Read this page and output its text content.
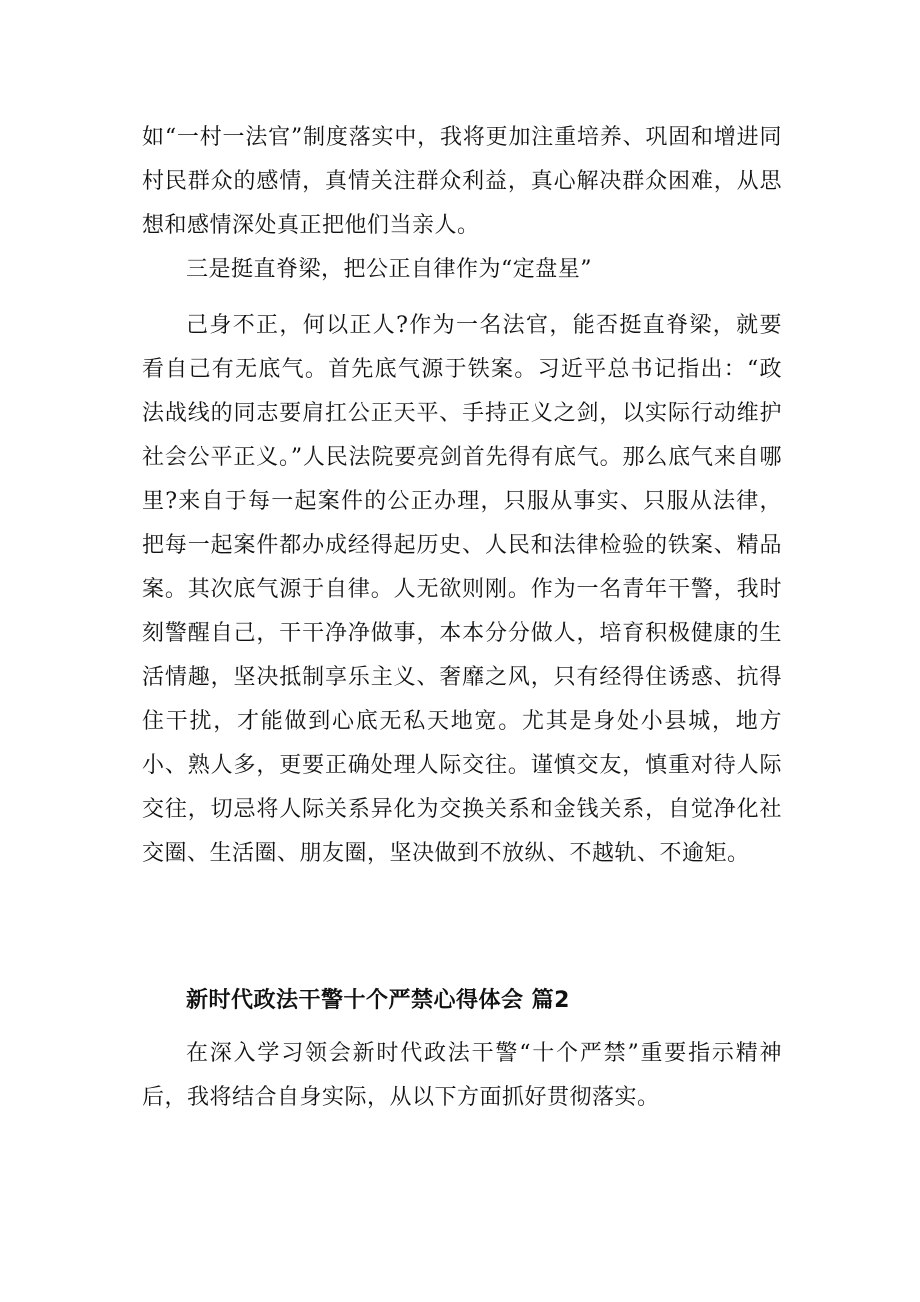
如“一村一法官”制度落实中，我将更加注重培养、巩固和增进同村民群众的感情，真情关注群众利益，真心解决群众困难，从思想和感情深处真正把他们当亲人。

三是挺直脊梁，把公正自律作为“定盘星”

己身不正，何以正人?作为一名法官，能否挺直脊梁，就要看自己有无底气。首先底气源于铁案。习近平总书记指出：“政法战线的同志要肩扛公正天平、手持正义之剑，以实际行动维护社会公平正义。”人民法院要亮剑首先得有底气。那么底气来自哪里?来自于每一起案件的公正办理，只服从事实、只服从法律，把每一起案件都办成经得起历史、人民和法律检验的铁案、精品案。其次底气源于自律。人无欲则刚。作为一名青年干警，我时刻警醒自己，干干净净做事，本本分分做人，培育积极健康的生活情趣，坚决抵制享乐主义、奢靡之风，只有经得住诱惑、抗得住干扰，才能做到心底无私天地宽。尤其是身处小县城，地方小、熟人多，更要正确处理人际交往。谨慎交友，慎重对待人际交往，切忌将人际关系异化为交换关系和金钱关系，自觉净化社交圈、生活圈、朋友圈，坚决做到不放纵、不越轨、不逾矩。

新时代政法干警十个严禁心得体会 篇2

在深入学习领会新时代政法干警“十个严禁”重要指示精神后，我将结合自身实际，从以下方面抓好贯彻落实。
